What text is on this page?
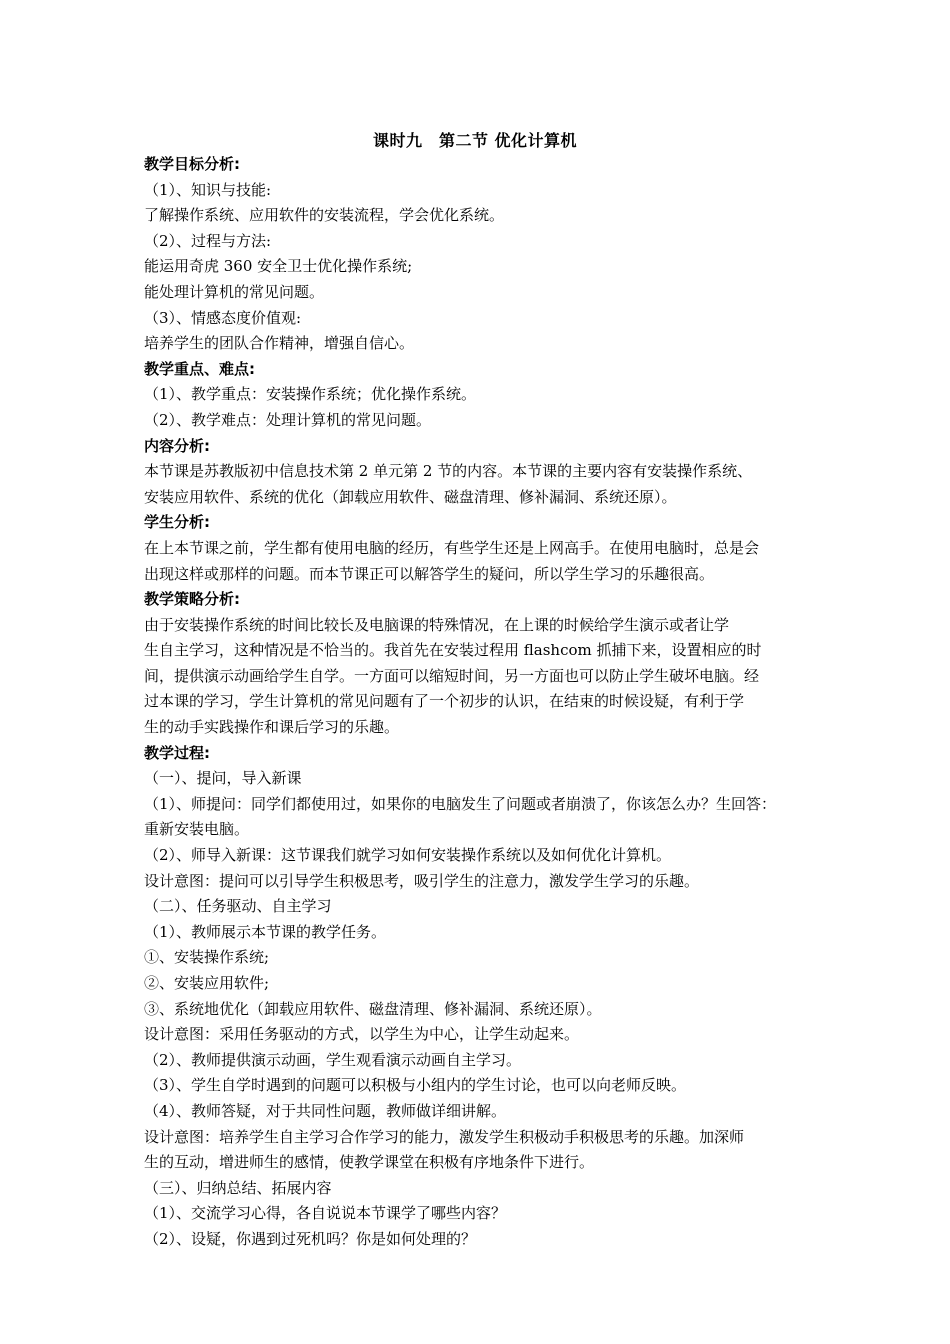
课时九　第二节 优化计算机
教学目标分析:
（1）、知识与技能:
了解操作系统、应用软件的安装流程，学会优化系统。
（2）、过程与方法:
能运用奇虎 360 安全卫士优化操作系统;
能处理计算机的常见问题。
（3）、情感态度价值观:
培养学生的团队合作精神，增强自信心。
教学重点、难点:
（1）、教学重点：安装操作系统；优化操作系统。
（2）、教学难点：处理计算机的常见问题。
内容分析:
本节课是苏教版初中信息技术第 2 单元第 2 节的内容。本节课的主要内容有安装操作系统、
安装应用软件、系统的优化（卸载应用软件、磁盘清理、修补漏洞、系统还原）。
学生分析:
在上本节课之前，学生都有使用电脑的经历，有些学生还是上网高手。在使用电脑时，总是会
出现这样或那样的问题。而本节课正可以解答学生的疑问，所以学生学习的乐趣很高。
教学策略分析:
由于安装操作系统的时间比较长及电脑课的特殊情况，在上课的时候给学生演示或者让学
生自主学习，这种情况是不恰当的。我首先在安装过程用 flashcom 抓捕下来，设置相应的时
间，提供演示动画给学生自学。一方面可以缩短时间，另一方面也可以防止学生破坏电脑。经
过本课的学习，学生计算机的常见问题有了一个初步的认识，在结束的时候设疑，有利于学
生的动手实践操作和课后学习的乐趣。
教学过程:
（一）、提问，导入新课
（1）、师提问：同学们都使用过，如果你的电脑发生了问题或者崩溃了，你该怎么办？生回答：
重新安装电脑。
（2）、师导入新课：这节课我们就学习如何安装操作系统以及如何优化计算机。
设计意图：提问可以引导学生积极思考，吸引学生的注意力，激发学生学习的乐趣。
（二）、任务驱动、自主学习
（1）、教师展示本节课的教学任务。
①、安装操作系统;
②、安装应用软件;
③、系统地优化（卸载应用软件、磁盘清理、修补漏洞、系统还原）。
设计意图：采用任务驱动的方式，以学生为中心，让学生动起来。
（2）、教师提供演示动画，学生观看演示动画自主学习。
（3）、学生自学时遇到的问题可以积极与小组内的学生讨论，也可以向老师反映。
（4）、教师答疑，对于共同性问题，教师做详细讲解。
设计意图：培养学生自主学习合作学习的能力，激发学生积极动手积极思考的乐趣。加深师
生的互动，增进师生的感情，使教学课堂在积极有序地条件下进行。
（三）、归纳总结、拓展内容
（1）、交流学习心得，各自说说本节课学了哪些内容？
（2）、设疑，你遇到过死机吗？你是如何处理的？
